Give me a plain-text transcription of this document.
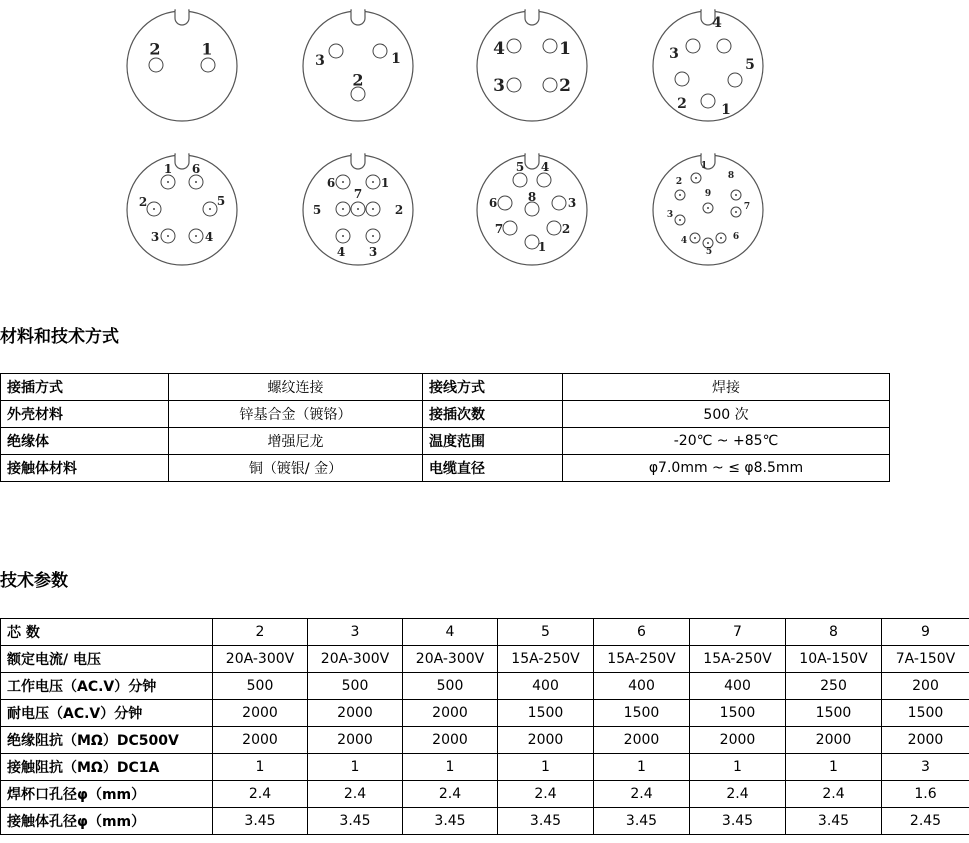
2	1
3	1
2
4	1
3	2
4
3
5
2 1
1 6
2	5
3	4
6	1
7
5	2
4 3
5 4
8
6	3
7	2
1
1
2
8
9
7
3
4	6
5
材料和技术方式
接插方式	螺纹连接	接线方式	焊接
外壳材料	锌基合金（镀铬）	接插次数	500 次
绝缘体	增强尼龙	温度范围	-20℃ ~ +85℃
接触体材料	铜（镀银/ 金）	电缆直径	φ7.0mm ~ ≤ φ8.5mm
技术参数
芯 数	2	3	4	5	6	7	8	9
额定电流/ 电压	20A-300V	20A-300V	20A-300V	15A-250V	15A-250V	15A-250V	10A-150V	7A-150V
工作电压（AC.V）分钟	500	500	500	400	400	400	250	200
耐电压（AC.V）分钟	2000	2000	2000	1500	1500	1500	1500	1500
绝缘阻抗（MΩ）DC500V	2000	2000	2000	2000	2000	2000	2000	2000
接触阻抗（MΩ）DC1A	1	1	1	1	1	1	1	3
焊杯口孔径φ（mm）	2.4	2.4	2.4	2.4	2.4	2.4	2.4	1.6
接触体孔径φ（mm）	3.45	3.45	3.45	3.45	3.45	3.45	3.45	2.45
